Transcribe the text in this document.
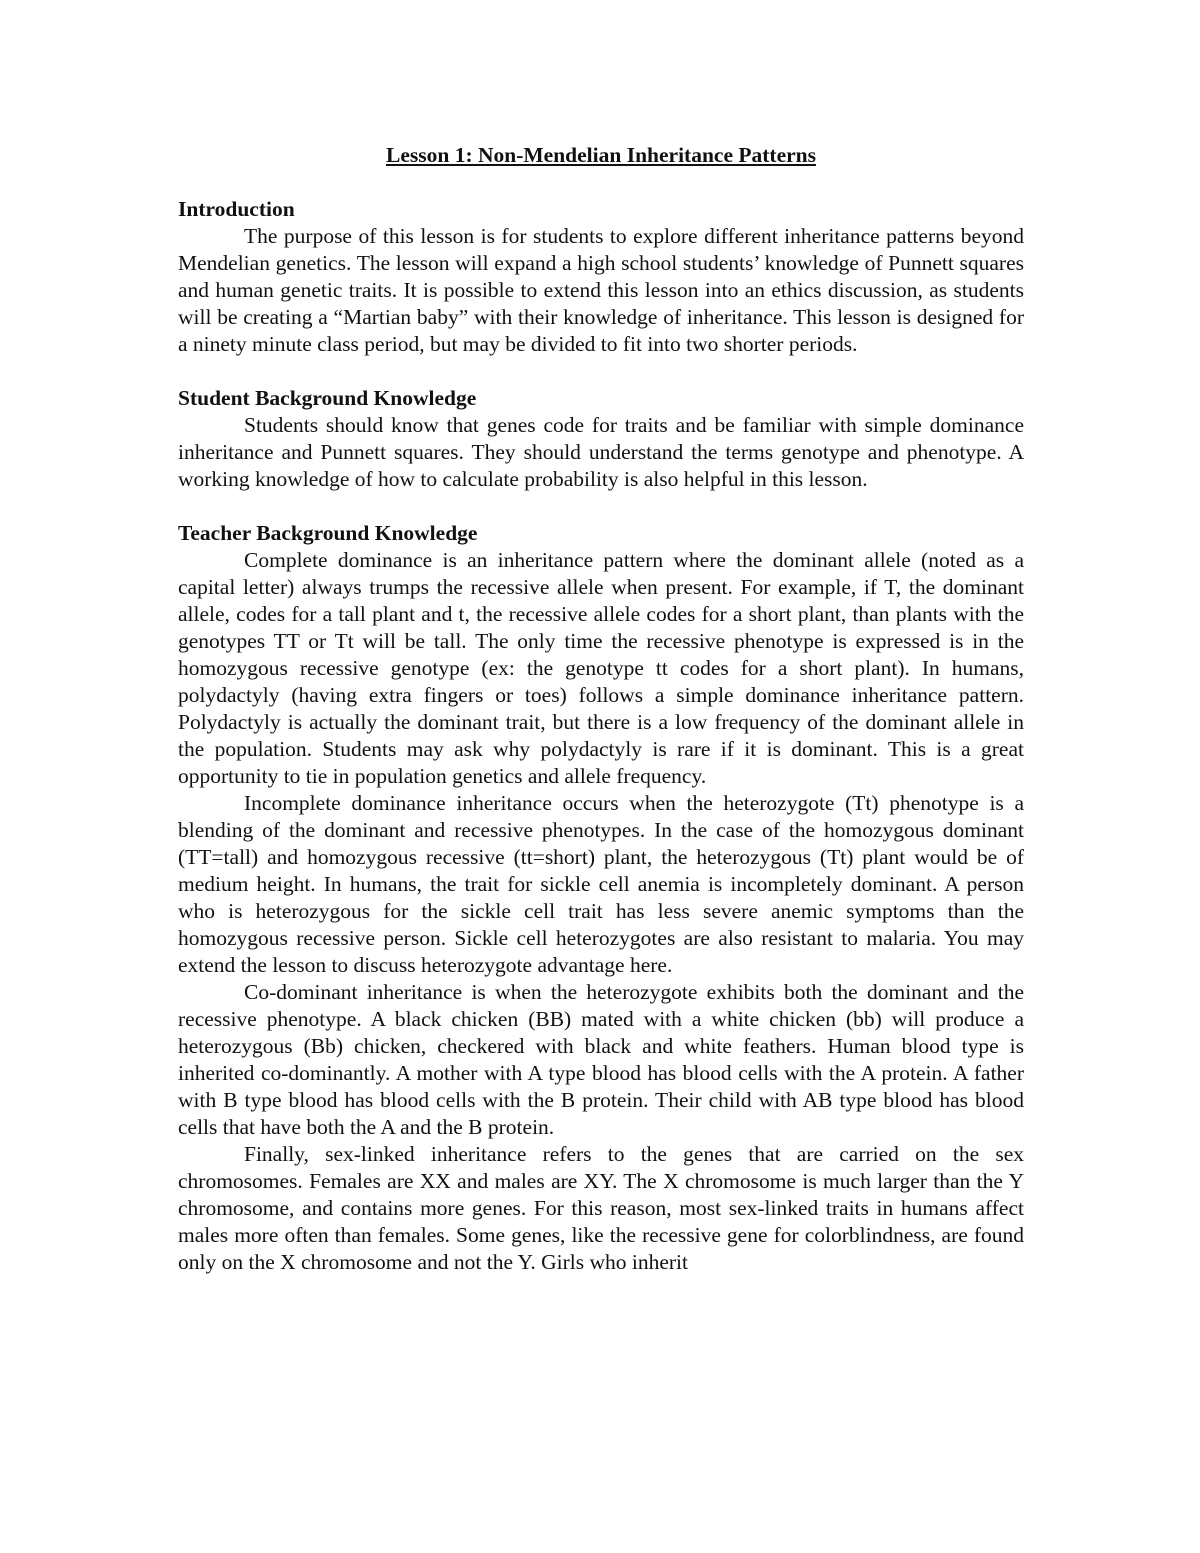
Lesson 1: Non-Mendelian Inheritance Patterns

Introduction

The purpose of this lesson is for students to explore different inheritance patterns beyond Mendelian genetics. The lesson will expand a high school students’ knowledge of Punnett squares and human genetic traits. It is possible to extend this lesson into an ethics discussion, as students will be creating a “Martian baby” with their knowledge of inheritance. This lesson is designed for a ninety minute class period, but may be divided to fit into two shorter periods.

Student Background Knowledge

Students should know that genes code for traits and be familiar with simple dominance inheritance and Punnett squares. They should understand the terms genotype and phenotype. A working knowledge of how to calculate probability is also helpful in this lesson.

Teacher Background Knowledge

Complete dominance is an inheritance pattern where the dominant allele (noted as a capital letter) always trumps the recessive allele when present. For example, if T, the dominant allele, codes for a tall plant and t, the recessive allele codes for a short plant, than plants with the genotypes TT or Tt will be tall. The only time the recessive phenotype is expressed is in the homozygous recessive genotype (ex: the genotype tt codes for a short plant). In humans, polydactyly (having extra fingers or toes) follows a simple dominance inheritance pattern. Polydactyly is actually the dominant trait, but there is a low frequency of the dominant allele in the population. Students may ask why polydactyly is rare if it is dominant. This is a great opportunity to tie in population genetics and allele frequency.

Incomplete dominance inheritance occurs when the heterozygote (Tt) phenotype is a blending of the dominant and recessive phenotypes. In the case of the homozygous dominant (TT=tall) and homozygous recessive (tt=short) plant, the heterozygous (Tt) plant would be of medium height. In humans, the trait for sickle cell anemia is incompletely dominant. A person who is heterozygous for the sickle cell trait has less severe anemic symptoms than the homozygous recessive person. Sickle cell heterozygotes are also resistant to malaria. You may extend the lesson to discuss heterozygote advantage here.

Co-dominant inheritance is when the heterozygote exhibits both the dominant and the recessive phenotype. A black chicken (BB) mated with a white chicken (bb) will produce a heterozygous (Bb) chicken, checkered with black and white feathers. Human blood type is inherited co-dominantly. A mother with A type blood has blood cells with the A protein. A father with B type blood has blood cells with the B protein. Their child with AB type blood has blood cells that have both the A and the B protein.

Finally, sex-linked inheritance refers to the genes that are carried on the sex chromosomes. Females are XX and males are XY. The X chromosome is much larger than the Y chromosome, and contains more genes. For this reason, most sex-linked traits in humans affect males more often than females. Some genes, like the recessive gene for colorblindness, are found only on the X chromosome and not the Y. Girls who inherit
